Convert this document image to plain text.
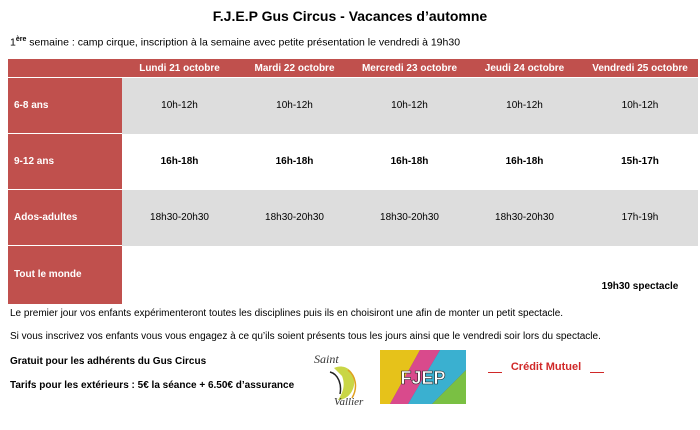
F.J.E.P Gus Circus - Vacances d’automne
1ère semaine : camp cirque, inscription à la semaine avec petite présentation le vendredi à 19h30
	Lundi 21 octobre	Mardi 22 octobre	Mercredi 23 octobre	Jeudi 24 octobre	Vendredi 25 octobre
6-8 ans	10h-12h	10h-12h	10h-12h	10h-12h	10h-12h
9-12 ans	16h-18h	16h-18h	16h-18h	16h-18h	15h-17h
Ados-adultes	18h30-20h30	18h30-20h30	18h30-20h30	18h30-20h30	17h-19h
Tout le monde					19h30 spectacle
Le premier jour vos enfants expérimenteront toutes les disciplines puis ils en choisiront une afin de monter un petit spectacle.
Si vous inscrivez vos enfants vous vous engagez à ce qu’ils soient présents tous les jours ainsi que le vendredi soir lors du spectacle.
Gratuit pour les adhérents du Gus Circus
Tarifs pour les extérieurs : 5€ la séance + 6.50€ d’assurance
Saint
Vallier
FJEP
Crédit Mutuel
